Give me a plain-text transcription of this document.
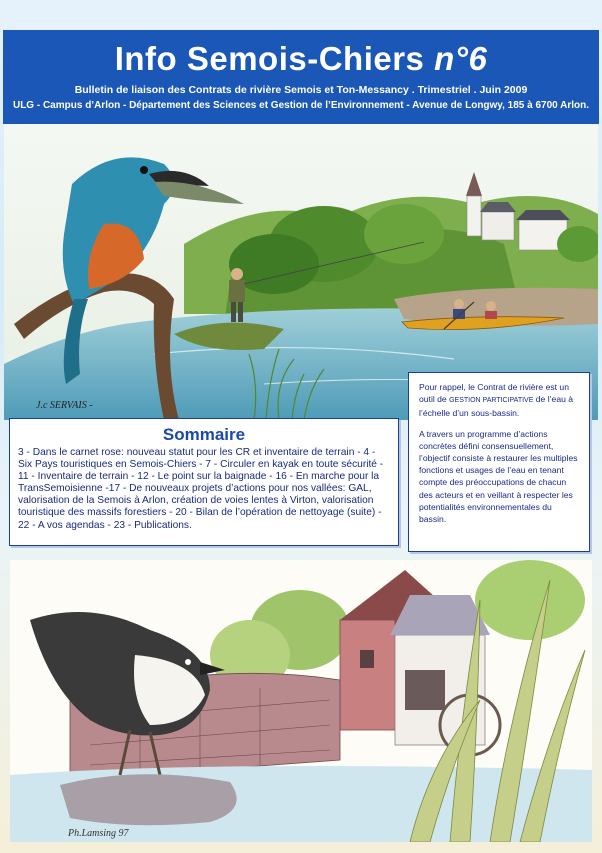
Info Semois-Chiers n°6
Bulletin de liaison des Contrats de rivière Semois et Ton-Messancy . Trimestriel . Juin 2009
ULG - Campus d’Arlon - Département des Sciences et Gestion de l’Environnement - Avenue de Longwy, 185 à 6700 Arlon.
J.c SERVAIS -
Sommaire

3 - Dans le carnet rose: nouveau statut pour les CR et inventaire de terrain - 4 - Six Pays touristiques en Semois-Chiers - 7 - Circuler en kayak en toute sécurité - 11 - Inventaire de terrain - 12 - Le point sur la baignade - 16 - En marche pour la TransSemoisienne -17 - De nouveaux projets d’actions pour nos vallées: GAL, valorisation de la Semois à Arlon, création de voies lentes à Virton, valorisation touristique des massifs forestiers - 20 - Bilan de l’opération de nettoyage (suite) - 22 - A vos agendas - 23 - Publications.

Pour rappel, le Contrat de rivière est un outil de GESTION PARTICIPATIVE de l’eau à l’échelle d’un sous-bassin.

A travers un programme d’actions concrètes défini consensuellement, l’objectif consiste à restaurer les multiples fonctions et usages de l’eau en tenant compte des préoccupations de chacun des acteurs et en veillant à respecter les potentialités environnementales du bassin.

Ph.Lamsing 97
